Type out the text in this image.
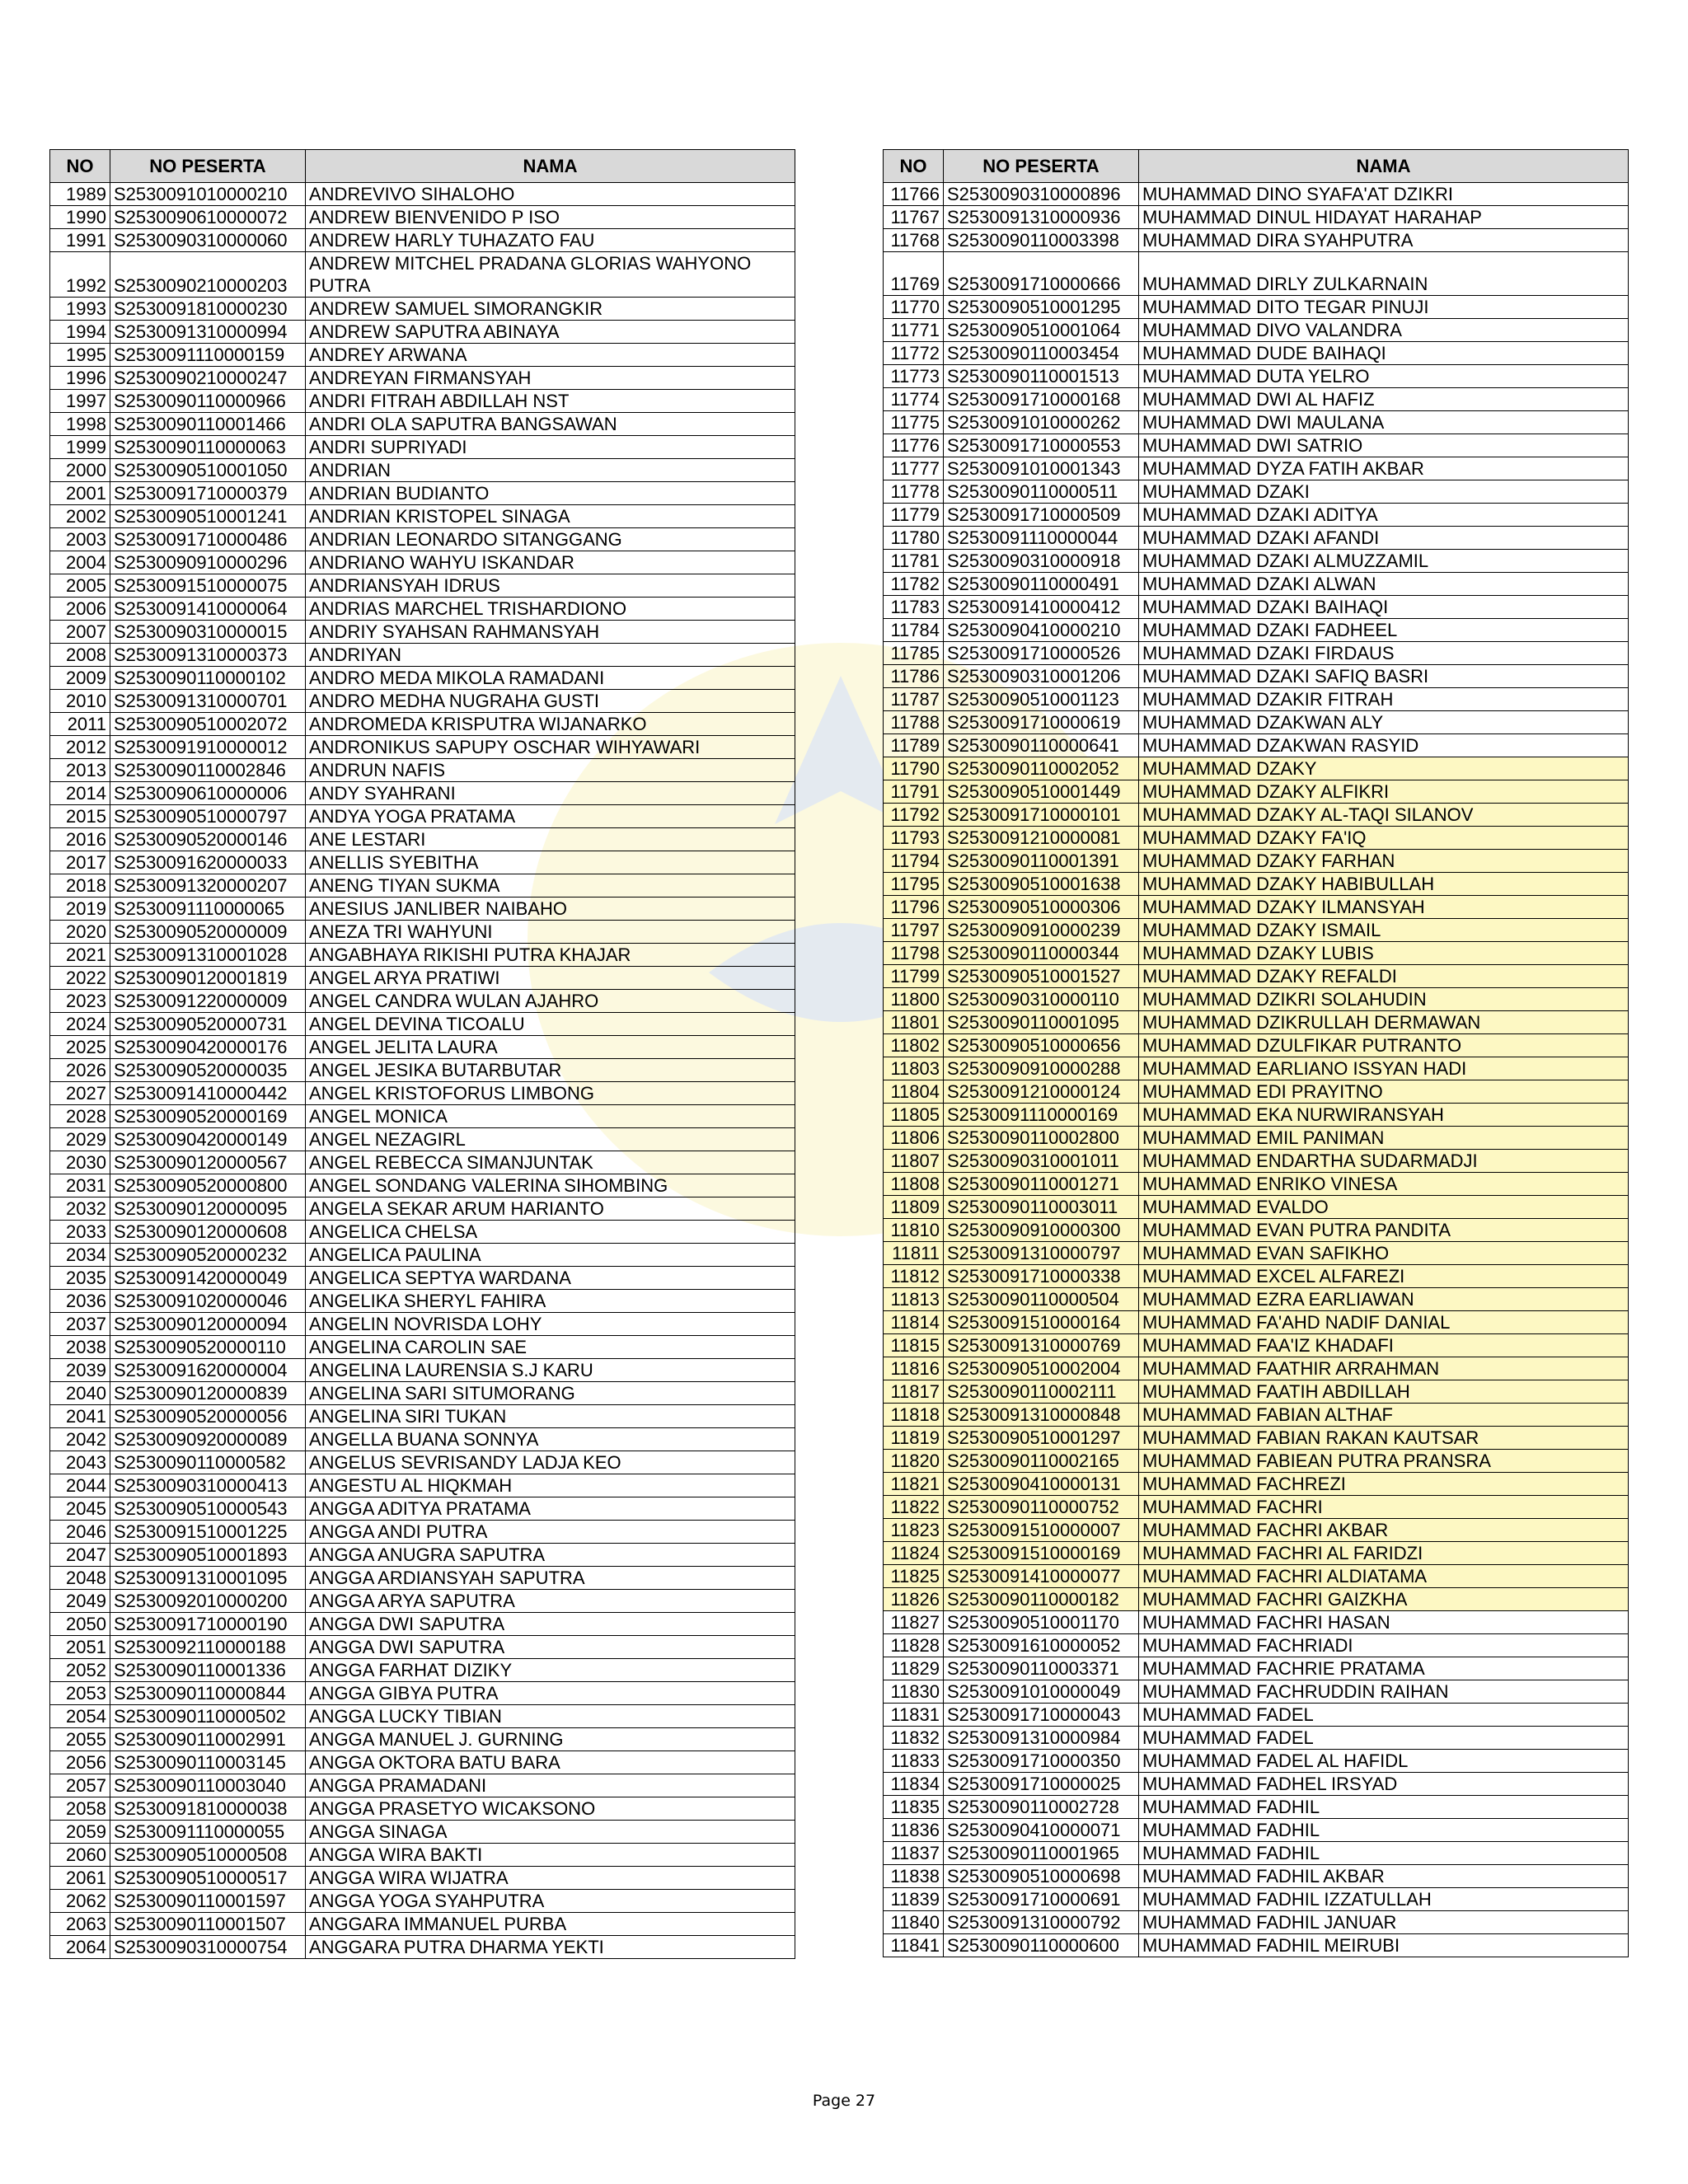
NO	NO PESERTA	NAMA
1989	S2530091010000210	ANDREVIVO SIHALOHO
1990	S2530090610000072	ANDREW BIENVENIDO P ISO
1991	S2530090310000060	ANDREW HARLY TUHAZATO FAU
1992	S2530090210000203	ANDREW MITCHEL PRADANA GLORIAS WAHYONO PUTRA
1993	S2530091810000230	ANDREW SAMUEL SIMORANGKIR
1994	S2530091310000994	ANDREW SAPUTRA ABINAYA
1995	S2530091110000159	ANDREY ARWANA
1996	S2530090210000247	ANDREYAN FIRMANSYAH
1997	S2530090110000966	ANDRI FITRAH ABDILLAH NST
1998	S2530090110001466	ANDRI OLA SAPUTRA BANGSAWAN
1999	S2530090110000063	ANDRI SUPRIYADI
2000	S2530090510001050	ANDRIAN
2001	S2530091710000379	ANDRIAN BUDIANTO
2002	S2530090510001241	ANDRIAN KRISTOPEL SINAGA
2003	S2530091710000486	ANDRIAN LEONARDO SITANGGANG
2004	S2530090910000296	ANDRIANO WAHYU ISKANDAR
2005	S2530091510000075	ANDRIANSYAH IDRUS
2006	S2530091410000064	ANDRIAS MARCHEL TRISHARDIONO
2007	S2530090310000015	ANDRIY SYAHSAN RAHMANSYAH
2008	S2530091310000373	ANDRIYAN
2009	S2530090110000102	ANDRO MEDA MIKOLA RAMADANI
2010	S2530091310000701	ANDRO MEDHA NUGRAHA GUSTI
2011	S2530090510002072	ANDROMEDA KRISPUTRA WIJANARKO
2012	S2530091910000012	ANDRONIKUS SAPUPY OSCHAR WIHYAWARI
2013	S2530090110002846	ANDRUN NAFIS
2014	S2530090610000006	ANDY SYAHRANI
2015	S2530090510000797	ANDYA YOGA PRATAMA
2016	S2530090520000146	ANE LESTARI
2017	S2530091620000033	ANELLIS SYEBITHA
2018	S2530091320000207	ANENG TIYAN SUKMA
2019	S2530091110000065	ANESIUS JANLIBER NAIBAHO
2020	S2530090520000009	ANEZA TRI WAHYUNI
2021	S2530091310001028	ANGABHAYA RIKISHI PUTRA KHAJAR
2022	S2530090120001819	ANGEL ARYA PRATIWI
2023	S2530091220000009	ANGEL CANDRA WULAN AJAHRO
2024	S2530090520000731	ANGEL DEVINA TICOALU
2025	S2530090420000176	ANGEL JELITA LAURA
2026	S2530090520000035	ANGEL JESIKA BUTARBUTAR
2027	S2530091410000442	ANGEL KRISTOFORUS LIMBONG
2028	S2530090520000169	ANGEL MONICA
2029	S2530090420000149	ANGEL NEZAGIRL
2030	S2530090120000567	ANGEL REBECCA SIMANJUNTAK
2031	S2530090520000800	ANGEL SONDANG VALERINA SIHOMBING
2032	S2530090120000095	ANGELA SEKAR ARUM HARIANTO
2033	S2530090120000608	ANGELICA CHELSA
2034	S2530090520000232	ANGELICA PAULINA
2035	S2530091420000049	ANGELICA SEPTYA WARDANA
2036	S2530091020000046	ANGELIKA SHERYL FAHIRA
2037	S2530090120000094	ANGELIN NOVRISDA LOHY
2038	S2530090520000110	ANGELINA CAROLIN SAE
2039	S2530091620000004	ANGELINA LAURENSIA S.J KARU
2040	S2530090120000839	ANGELINA SARI SITUMORANG
2041	S2530090520000056	ANGELINA SIRI TUKAN
2042	S2530090920000089	ANGELLA BUANA SONNYA
2043	S2530090110000582	ANGELUS SEVRISANDY LADJA KEO
2044	S2530090310000413	ANGESTU AL HIQKMAH
2045	S2530090510000543	ANGGA ADITYA PRATAMA
2046	S2530091510001225	ANGGA ANDI PUTRA
2047	S2530090510001893	ANGGA ANUGRA SAPUTRA
2048	S2530091310001095	ANGGA ARDIANSYAH SAPUTRA
2049	S2530092010000200	ANGGA ARYA SAPUTRA
2050	S2530091710000190	ANGGA DWI SAPUTRA
2051	S2530092110000188	ANGGA DWI SAPUTRA
2052	S2530090110001336	ANGGA FARHAT DIZIKY
2053	S2530090110000844	ANGGA GIBYA PUTRA
2054	S2530090110000502	ANGGA LUCKY TIBIAN
2055	S2530090110002991	ANGGA MANUEL J. GURNING
2056	S2530090110003145	ANGGA OKTORA BATU BARA
2057	S2530090110003040	ANGGA PRAMADANI
2058	S2530091810000038	ANGGA PRASETYO WICAKSONO
2059	S2530091110000055	ANGGA SINAGA
2060	S2530090510000508	ANGGA WIRA BAKTI
2061	S2530090510000517	ANGGA WIRA WIJATRA
2062	S2530090110001597	ANGGA YOGA SYAHPUTRA
2063	S2530090110001507	ANGGARA IMMANUEL PURBA
2064	S2530090310000754	ANGGARA PUTRA DHARMA YEKTI
NO	NO PESERTA	NAMA
11766	S2530090310000896	MUHAMMAD DINO SYAFA'AT DZIKRI
11767	S2530091310000936	MUHAMMAD DINUL HIDAYAT HARAHAP
11768	S2530090110003398	MUHAMMAD DIRA SYAHPUTRA
11769	S2530091710000666	MUHAMMAD DIRLY ZULKARNAIN
11770	S2530090510001295	MUHAMMAD DITO TEGAR PINUJI
11771	S2530090510001064	MUHAMMAD DIVO VALANDRA
11772	S2530090110003454	MUHAMMAD DUDE BAIHAQI
11773	S2530090110001513	MUHAMMAD DUTA YELRO
11774	S2530091710000168	MUHAMMAD DWI AL HAFIZ
11775	S2530091010000262	MUHAMMAD DWI MAULANA
11776	S2530091710000553	MUHAMMAD DWI SATRIO
11777	S2530091010001343	MUHAMMAD DYZA FATIH AKBAR
11778	S2530090110000511	MUHAMMAD DZAKI
11779	S2530091710000509	MUHAMMAD DZAKI ADITYA
11780	S2530091110000044	MUHAMMAD DZAKI AFANDI
11781	S2530090310000918	MUHAMMAD DZAKI ALMUZZAMIL
11782	S2530090110000491	MUHAMMAD DZAKI ALWAN
11783	S2530091410000412	MUHAMMAD DZAKI BAIHAQI
11784	S2530090410000210	MUHAMMAD DZAKI FADHEEL
11785	S2530091710000526	MUHAMMAD DZAKI FIRDAUS
11786	S2530090310001206	MUHAMMAD DZAKI SAFIQ BASRI
11787	S2530090510001123	MUHAMMAD DZAKIR FITRAH
11788	S2530091710000619	MUHAMMAD DZAKWAN ALY
11789	S2530090110000641	MUHAMMAD DZAKWAN RASYID
11790	S2530090110002052	MUHAMMAD DZAKY
11791	S2530090510001449	MUHAMMAD DZAKY ALFIKRI
11792	S2530091710000101	MUHAMMAD DZAKY AL-TAQI SILANOV
11793	S2530091210000081	MUHAMMAD DZAKY FA'IQ
11794	S2530090110001391	MUHAMMAD DZAKY FARHAN
11795	S2530090510001638	MUHAMMAD DZAKY HABIBULLAH
11796	S2530090510000306	MUHAMMAD DZAKY ILMANSYAH
11797	S2530090910000239	MUHAMMAD DZAKY ISMAIL
11798	S2530090110000344	MUHAMMAD DZAKY LUBIS
11799	S2530090510001527	MUHAMMAD DZAKY REFALDI
11800	S2530090310000110	MUHAMMAD DZIKRI SOLAHUDIN
11801	S2530090110001095	MUHAMMAD DZIKRULLAH DERMAWAN
11802	S2530090510000656	MUHAMMAD DZULFIKAR PUTRANTO
11803	S2530090910000288	MUHAMMAD EARLIANO ISSYAN HADI
11804	S2530091210000124	MUHAMMAD EDI PRAYITNO
11805	S2530091110000169	MUHAMMAD EKA NURWIRANSYAH
11806	S2530090110002800	MUHAMMAD EMIL PANIMAN
11807	S2530090310001011	MUHAMMAD ENDARTHA SUDARMADJI
11808	S2530090110001271	MUHAMMAD ENRIKO VINESA
11809	S2530090110003011	MUHAMMAD EVALDO
11810	S2530090910000300	MUHAMMAD EVAN PUTRA PANDITA
11811	S2530091310000797	MUHAMMAD EVAN SAFIKHO
11812	S2530091710000338	MUHAMMAD EXCEL ALFAREZI
11813	S2530090110000504	MUHAMMAD EZRA EARLIAWAN
11814	S2530091510000164	MUHAMMAD FA'AHD NADIF DANIAL
11815	S2530091310000769	MUHAMMAD FAA'IZ KHADAFI
11816	S2530090510002004	MUHAMMAD FAATHIR ARRAHMAN
11817	S2530090110002111	MUHAMMAD FAATIH ABDILLAH
11818	S2530091310000848	MUHAMMAD FABIAN ALTHAF
11819	S2530090510001297	MUHAMMAD FABIAN RAKAN KAUTSAR
11820	S2530090110002165	MUHAMMAD FABIEAN PUTRA PRANSRA
11821	S2530090410000131	MUHAMMAD FACHREZI
11822	S2530090110000752	MUHAMMAD FACHRI
11823	S2530091510000007	MUHAMMAD FACHRI AKBAR
11824	S2530091510000169	MUHAMMAD FACHRI AL FARIDZI
11825	S2530091410000077	MUHAMMAD FACHRI ALDIATAMA
11826	S2530090110000182	MUHAMMAD FACHRI GAIZKHA
11827	S2530090510001170	MUHAMMAD FACHRI HASAN
11828	S2530091610000052	MUHAMMAD FACHRIADI
11829	S2530090110003371	MUHAMMAD FACHRIE PRATAMA
11830	S2530091010000049	MUHAMMAD FACHRUDDIN RAIHAN
11831	S2530091710000043	MUHAMMAD FADEL
11832	S2530091310000984	MUHAMMAD FADEL
11833	S2530091710000350	MUHAMMAD FADEL AL HAFIDL
11834	S2530091710000025	MUHAMMAD FADHEL IRSYAD
11835	S2530090110002728	MUHAMMAD FADHIL
11836	S2530090410000071	MUHAMMAD FADHIL
11837	S2530090110001965	MUHAMMAD FADHIL
11838	S2530090510000698	MUHAMMAD FADHIL AKBAR
11839	S2530091710000691	MUHAMMAD FADHIL IZZATULLAH
11840	S2530091310000792	MUHAMMAD FADHIL JANUAR
11841	S2530090110000600	MUHAMMAD FADHIL MEIRUBI
Page 27
